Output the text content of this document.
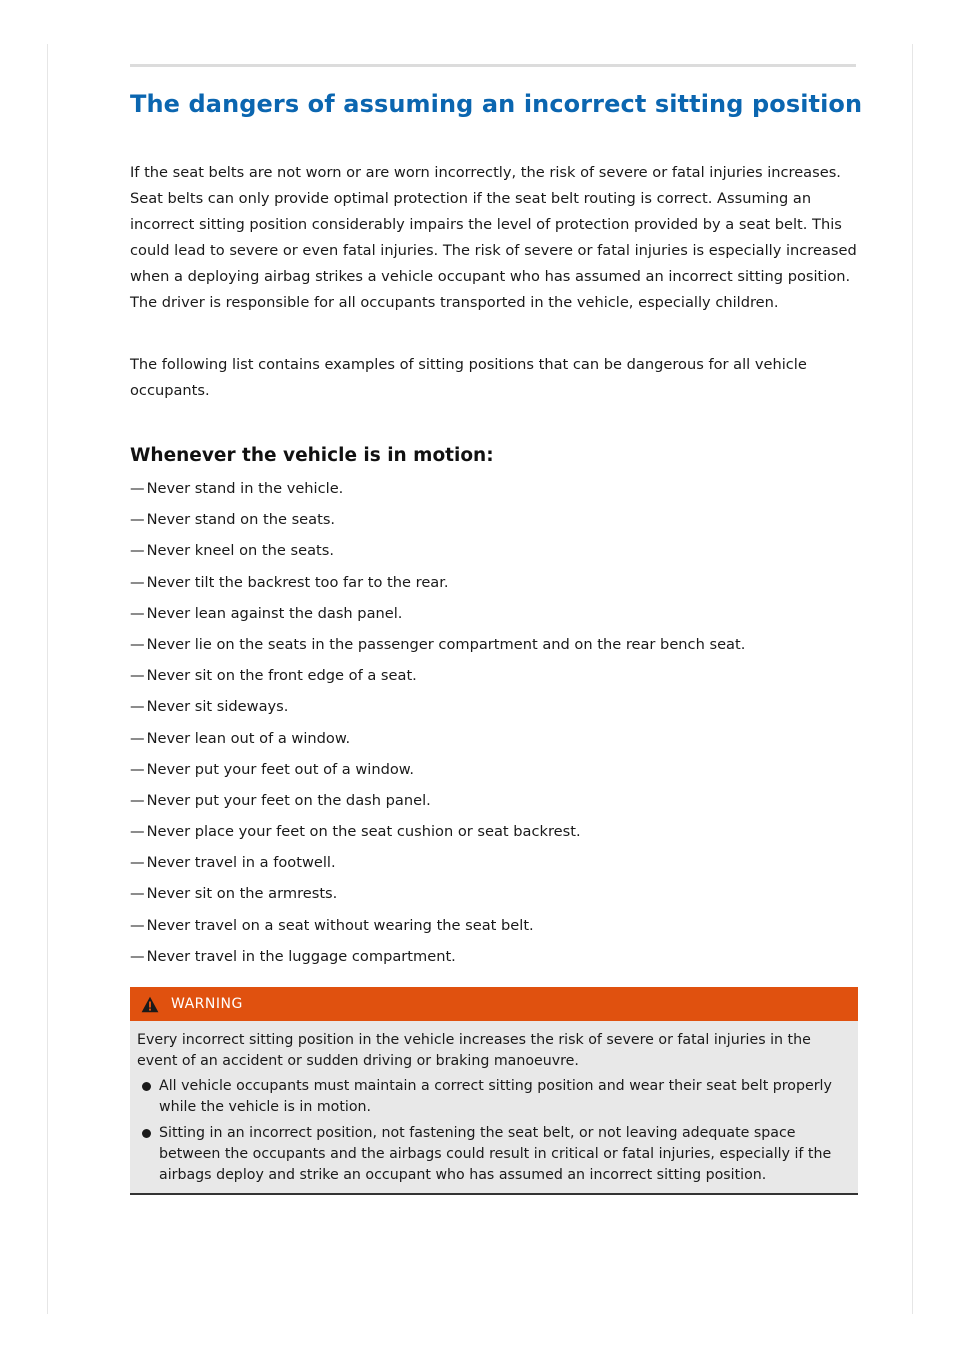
The dangers of assuming an incorrect sitting position

If the seat belts are not worn or are worn incorrectly, the risk of severe or fatal injuries increases. Seat belts can only provide optimal protection if the seat belt routing is correct. Assuming an incorrect sitting position considerably impairs the level of protection provided by a seat belt. This could lead to severe or even fatal injuries. The risk of severe or fatal injuries is especially increased when a deploying airbag strikes a vehicle occupant who has assumed an incorrect sitting position. The driver is responsible for all occupants transported in the vehicle, especially children.

The following list contains examples of sitting positions that can be dangerous for all vehicle occupants.

Whenever the vehicle is in motion:
— Never stand in the vehicle.
— Never stand on the seats.
— Never kneel on the seats.
— Never tilt the backrest too far to the rear.
— Never lean against the dash panel.
— Never lie on the seats in the passenger compartment and on the rear bench seat.
— Never sit on the front edge of a seat.
— Never sit sideways.
— Never lean out of a window.
— Never put your feet out of a window.
— Never put your feet on the dash panel.
— Never place your feet on the seat cushion or seat backrest.
— Never travel in a footwell.
— Never sit on the armrests.
— Never travel on a seat without wearing the seat belt.
— Never travel in the luggage compartment.
WARNING

Every incorrect sitting position in the vehicle increases the risk of severe or fatal injuries in the event of an accident or sudden driving or braking manoeuvre.

All vehicle occupants must maintain a correct sitting position and wear their seat belt properly while the vehicle is in motion.
Sitting in an incorrect position, not fastening the seat belt, or not leaving adequate space between the occupants and the airbags could result in critical or fatal injuries, especially if the airbags deploy and strike an occupant who has assumed an incorrect sitting position.
